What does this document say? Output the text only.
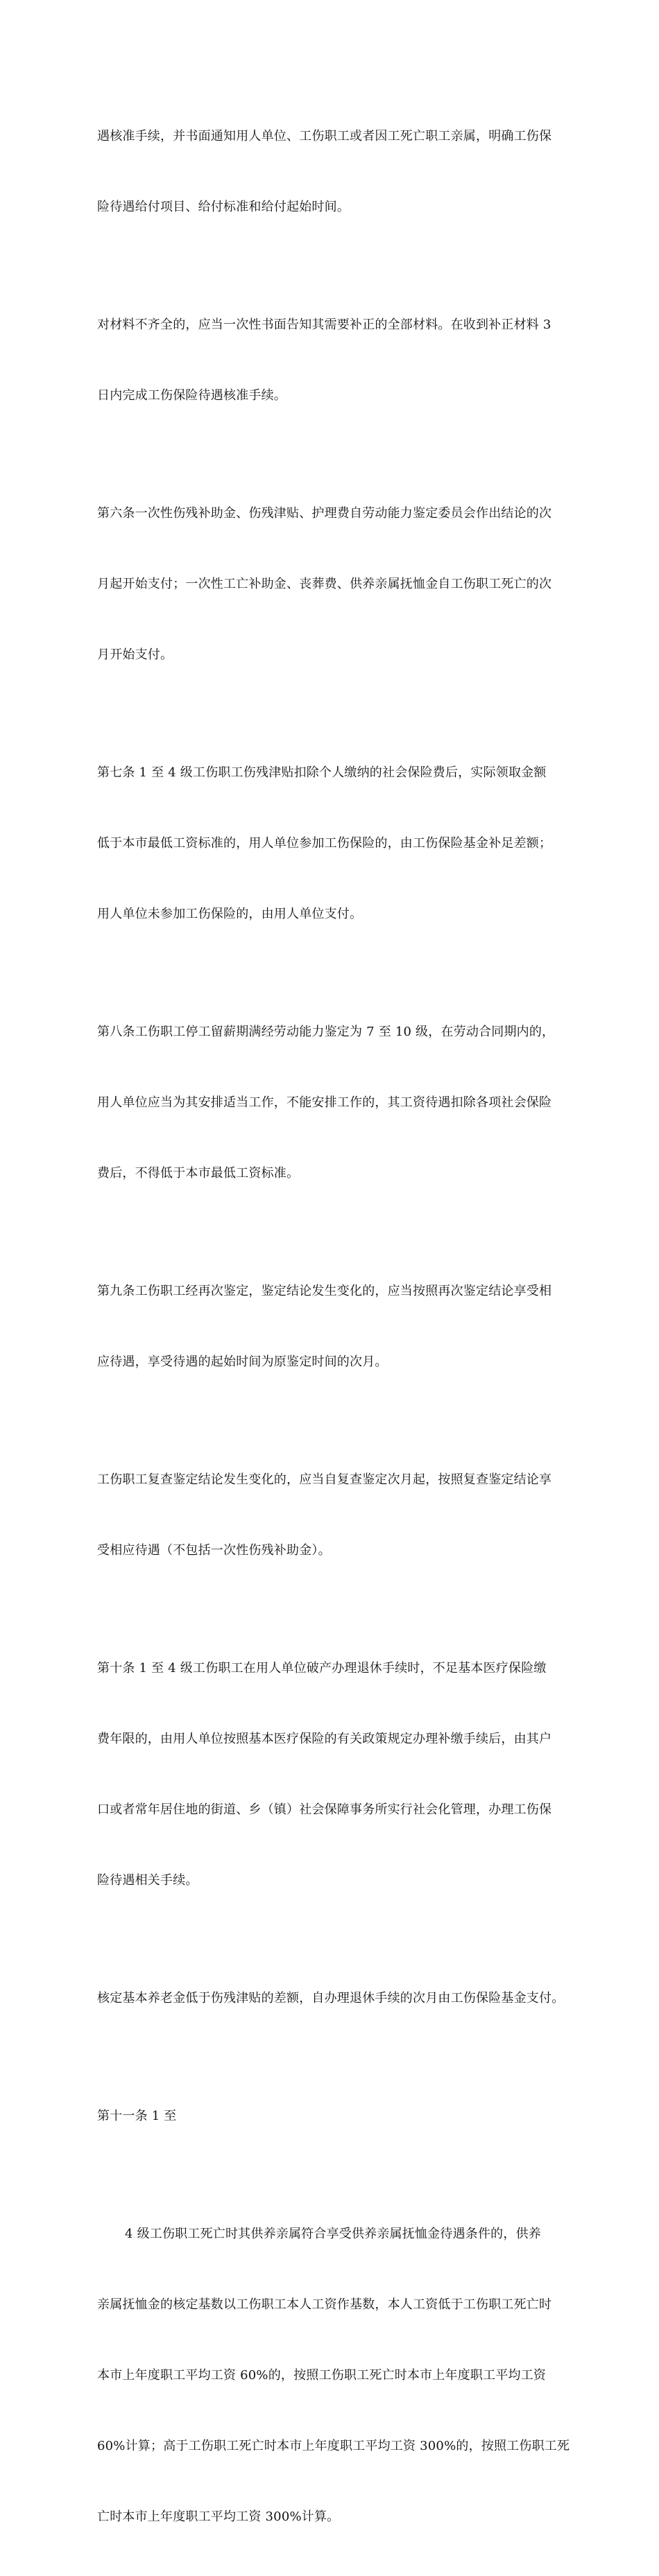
遇核准手续，并书面通知用人单位、工伤职工或者因工死亡职工亲属，明确工伤保

险待遇给付项目、给付标准和给付起始时间。

对材料不齐全的，应当一次性书面告知其需要补正的全部材料。在收到补正材料 3

日内完成工伤保险待遇核准手续。

第六条一次性伤残补助金、伤残津贴、护理费自劳动能力鉴定委员会作出结论的次

月起开始支付；一次性工亡补助金、丧葬费、供养亲属抚恤金自工伤职工死亡的次

月开始支付。

第七条 1 至 4 级工伤职工伤残津贴扣除个人缴纳的社会保险费后，实际领取金额

低于本市最低工资标准的，用人单位参加工伤保险的，由工伤保险基金补足差额；

用人单位未参加工伤保险的，由用人单位支付。

第八条工伤职工停工留薪期满经劳动能力鉴定为 7 至 10 级，在劳动合同期内的，

用人单位应当为其安排适当工作，不能安排工作的，其工资待遇扣除各项社会保险

费后，不得低于本市最低工资标准。

第九条工伤职工经再次鉴定，鉴定结论发生变化的，应当按照再次鉴定结论享受相

应待遇，享受待遇的起始时间为原鉴定时间的次月。

工伤职工复查鉴定结论发生变化的，应当自复查鉴定次月起，按照复查鉴定结论享

受相应待遇（不包括一次性伤残补助金）。

第十条 1 至 4 级工伤职工在用人单位破产办理退休手续时，不足基本医疗保险缴

费年限的，由用人单位按照基本医疗保险的有关政策规定办理补缴手续后，由其户

口或者常年居住地的街道、乡（镇）社会保障事务所实行社会化管理，办理工伤保

险待遇相关手续。

核定基本养老金低于伤残津贴的差额，自办理退休手续的次月由工伤保险基金支付。

第十一条 1 至

4 级工伤职工死亡时其供养亲属符合享受供养亲属抚恤金待遇条件的，供养

亲属抚恤金的核定基数以工伤职工本人工资作基数，本人工资低于工伤职工死亡时

本市上年度职工平均工资 60%的，按照工伤职工死亡时本市上年度职工平均工资

60%计算；高于工伤职工死亡时本市上年度职工平均工资 300%的，按照工伤职工死

亡时本市上年度职工平均工资 300%计算。
